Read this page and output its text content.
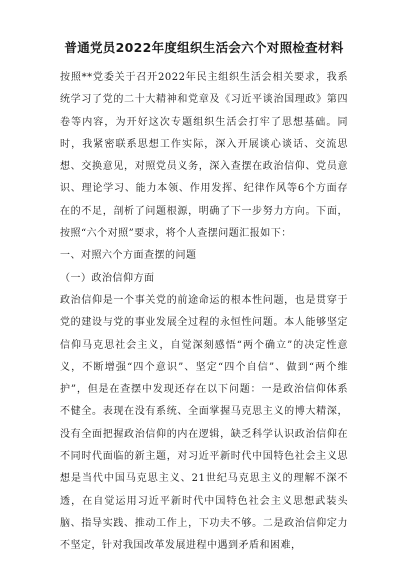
普通党员2022年度组织生活会六个对照检查材料

按照**党委关于召开2022年民主组织生活会相关要求，我系统学习了党的二十大精神和党章及《习近平谈治国理政》第四卷等内容，为开好这次专题组织生活会打牢了思想基础。同时，我紧密联系思想工作实际，深入开展谈心谈话、交流思想、交换意见，对照党员义务，深入查摆在政治信仰、党员意识、理论学习、能力本领、作用发挥、纪律作风等6个方面存在的不足，剖析了问题根源，明确了下一步努力方向。下面，按照“六个对照”要求，将个人查摆问题汇报如下：

一、对照六个方面查摆的问题
（一）政治信仰方面

政治信仰是一个事关党的前途命运的根本性问题，也是贯穿于党的建设与党的事业发展全过程的永恒性问题。本人能够坚定信仰马克思社会主义，自觉深刻感悟“两个确立”的决定性意义，不断增强“四个意识”、坚定“四个自信”、做到“两个维护”，但是在查摆中发现还存在以下问题：一是政治信仰体系不健全。表现在没有系统、全面掌握马克思主义的博大精深，没有全面把握政治信仰的内在逻辑，缺乏科学认识政治信仰在不同时代面临的新主题，对习近平新时代中国特色社会主义思想是当代中国马克思主义、21世纪马克思主义的理解不深不透，在自觉运用习近平新时代中国特色社会主义思想武装头脑、指导实践、推动工作上，下功夫不够。二是政治信仰定力不坚定，针对我国改革发展进程中遇到矛盾和困难，
